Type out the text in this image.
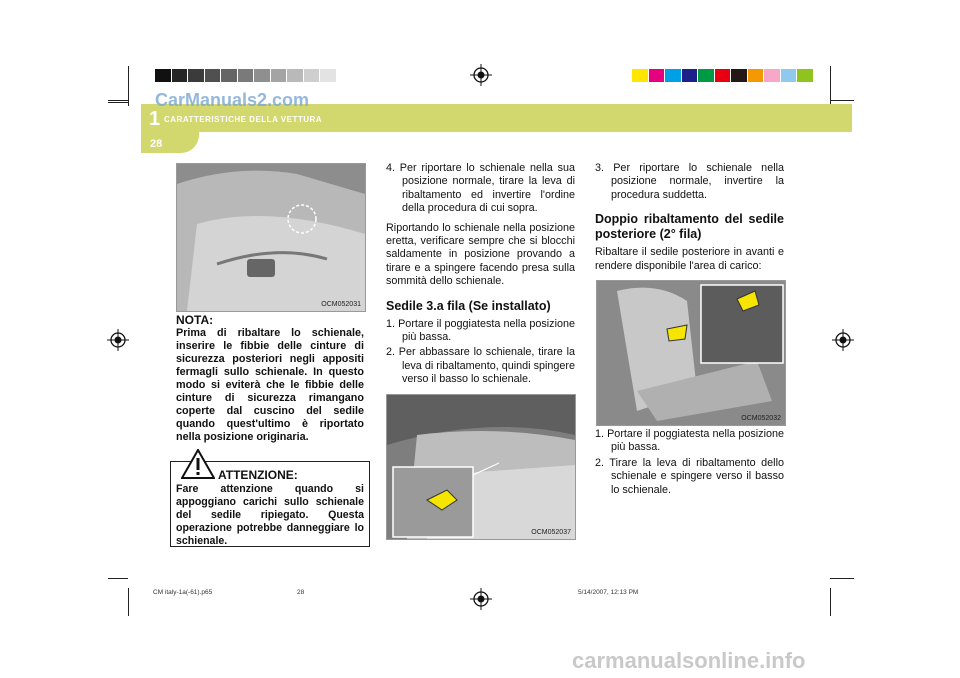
1 CARATTERISTICHE DELLA VETTURA
CarManuals2.com
28
OCM052031
NOTA:
Prima di ribaltare lo schienale, inserire le fibbie delle cinture di sicurezza posteriori negli appositi fermagli sullo schienale. In questo modo si eviterà che le fibbie delle cinture di sicurezza rimangano coperte dal cuscino del sedile quando quest'ultimo è riportato nella posizione originaria.
ATTENZIONE:
Fare attenzione quando si appoggiano carichi sullo schienale del sedile ripiegato. Questa operazione potrebbe danneggiare lo schienale.

4. Per riportare lo schienale nella sua posizione normale, tirare la leva di ribaltamento ed invertire l'ordine della procedura di cui sopra.

Riportando lo schienale nella posizione eretta, verificare sempre che si blocchi saldamente in posizione provando a tirare e a spingere facendo presa sulla sommità dello schienale.

Sedile 3.a fila (Se installato)

1. Portare il poggiatesta nella posizione più bassa.

2. Per abbassare lo schienale, tirare la leva di ribaltamento, quindi spingere verso il basso lo schienale.

OCM052037

3. Per riportare lo schienale nella posizione normale, invertire la procedura suddetta.

Doppio ribaltamento del sedile posteriore (2° fila)

Ribaltare il sedile posteriore in avanti e rendere disponibile l'area di carico:

OCM052032

1. Portare il poggiatesta nella posizione più bassa.

2. Tirare la leva di ribaltamento dello schienale e spingere verso il basso lo schienale.

CM italy-1a(-61).p65	28	5/14/2007, 12:13 PM
carmanualsonline.info
